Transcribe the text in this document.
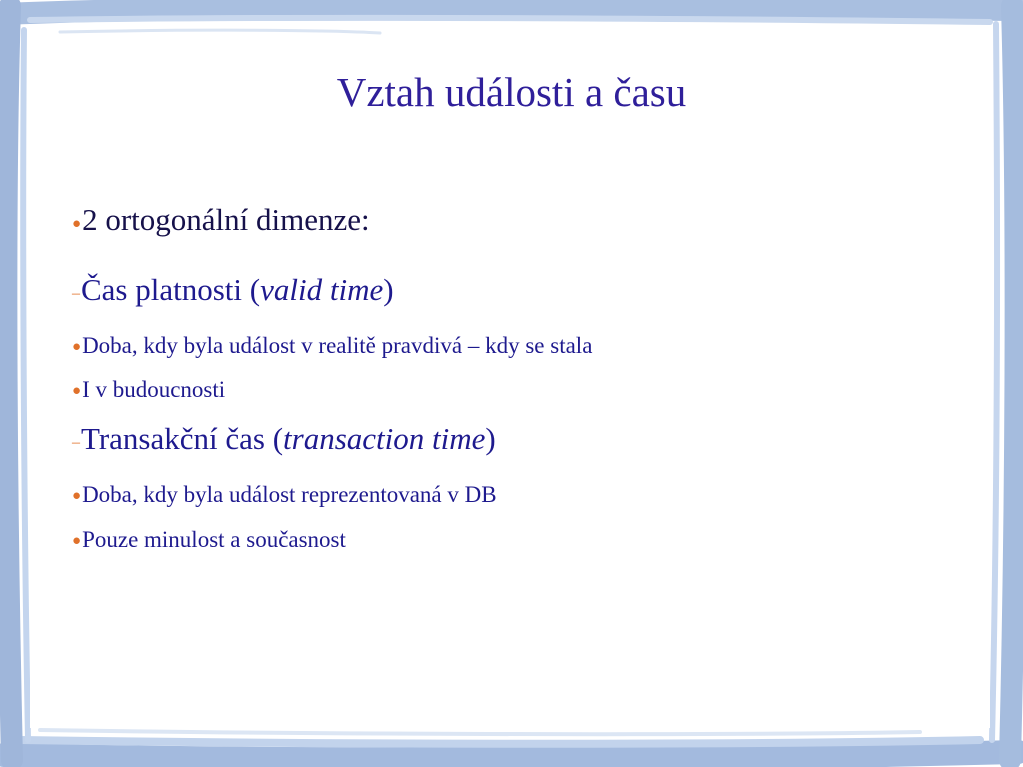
Vztah události a času
●2 ortogonální dimenze:
–Čas platnosti (valid time)
●Doba, kdy byla událost v realitě pravdivá – kdy se stala
●I v budoucnosti
–Transakční čas (transaction time)
●Doba, kdy byla událost reprezentovaná v DB
●Pouze minulost a současnost
